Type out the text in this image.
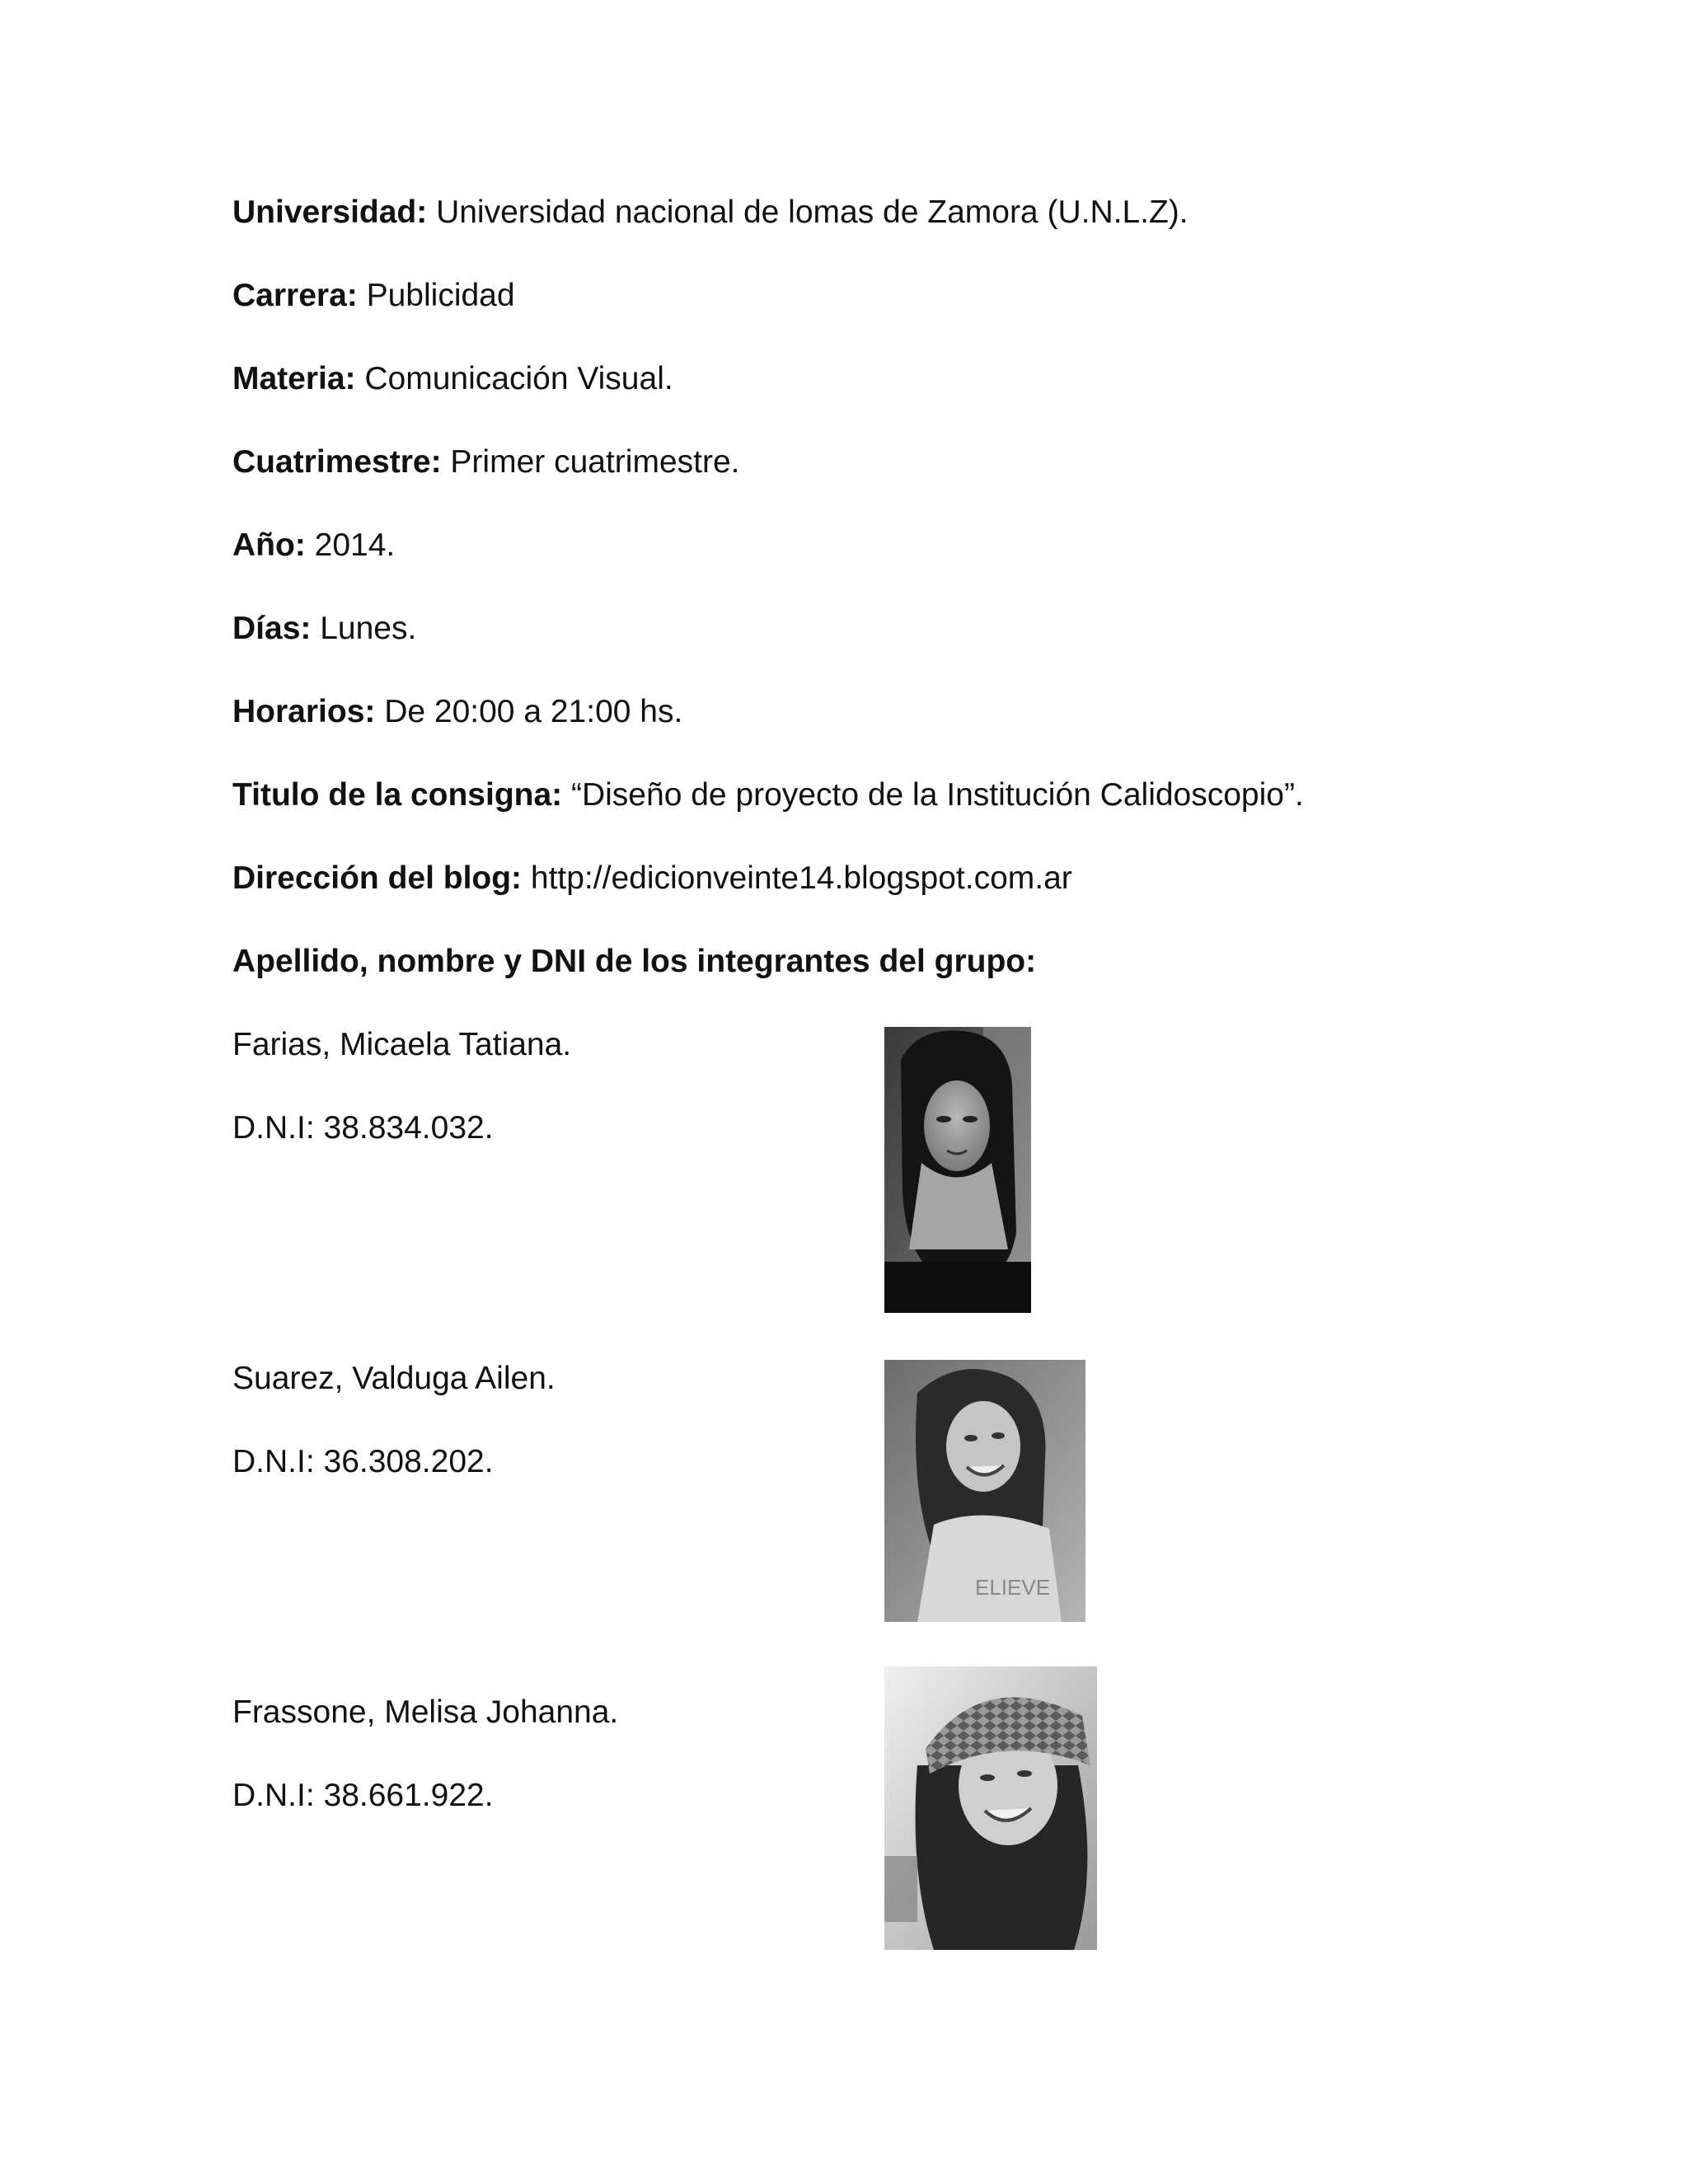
Universidad: Universidad nacional de lomas de Zamora (U.N.L.Z).
Carrera: Publicidad
Materia: Comunicación Visual.
Cuatrimestre: Primer cuatrimestre.
Año: 2014.
Días: Lunes.
Horarios: De 20:00 a 21:00 hs.
Titulo de la consigna: “Diseño de proyecto de la Institución Calidoscopio”.
Dirección del blog: http://edicionveinte14.blogspot.com.ar
Apellido, nombre y DNI de los integrantes del grupo:
Farias, Micaela Tatiana.
D.N.I: 38.834.032.
Suarez, Valduga Ailen.
D.N.I: 36.308.202.
ELIEVE
Frassone, Melisa Johanna.
D.N.I: 38.661.922.
